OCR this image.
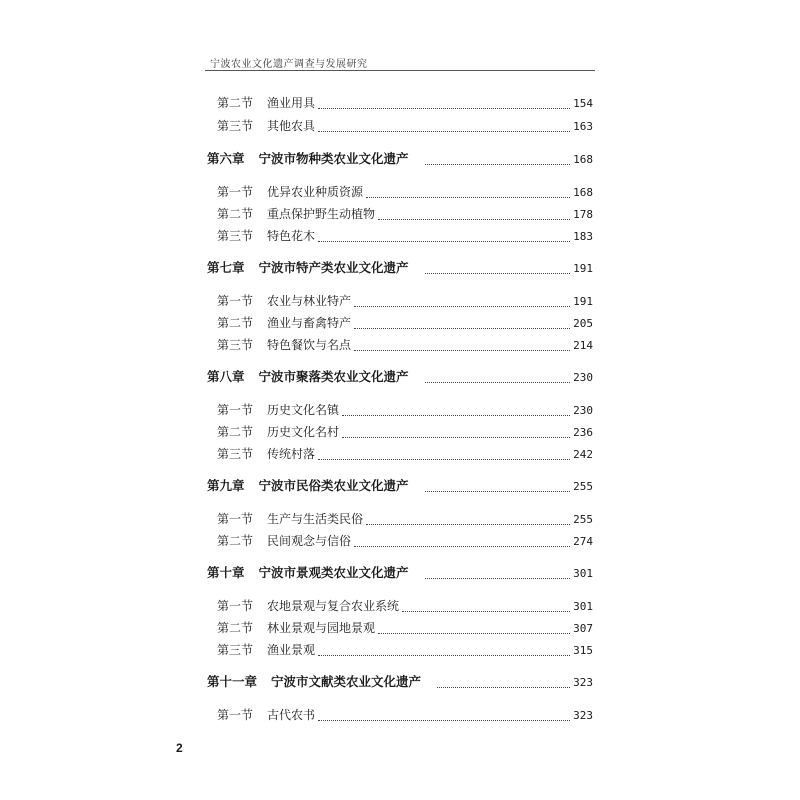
宁波农业文化遗产调查与发展研究
第二节	渔业用具	154
第三节	其他农具	163
第六章 宁波市物种类农业文化遗产	168
第一节	优异农业种质资源	168
第二节	重点保护野生动植物	178
第三节	特色花木	183
第七章 宁波市特产类农业文化遗产	191
第一节	农业与林业特产	191
第二节	渔业与畜禽特产	205
第三节	特色餐饮与名点	214
第八章 宁波市聚落类农业文化遗产	230
第一节	历史文化名镇	230
第二节	历史文化名村	236
第三节	传统村落	242
第九章 宁波市民俗类农业文化遗产	255
第一节	生产与生活类民俗	255
第二节	民间观念与信俗	274
第十章 宁波市景观类农业文化遗产	301
第一节	农地景观与复合农业系统	301
第二节	林业景观与园地景观	307
第三节	渔业景观	315
第十一章 宁波市文献类农业文化遗产	323
第一节	古代农书	323
2
